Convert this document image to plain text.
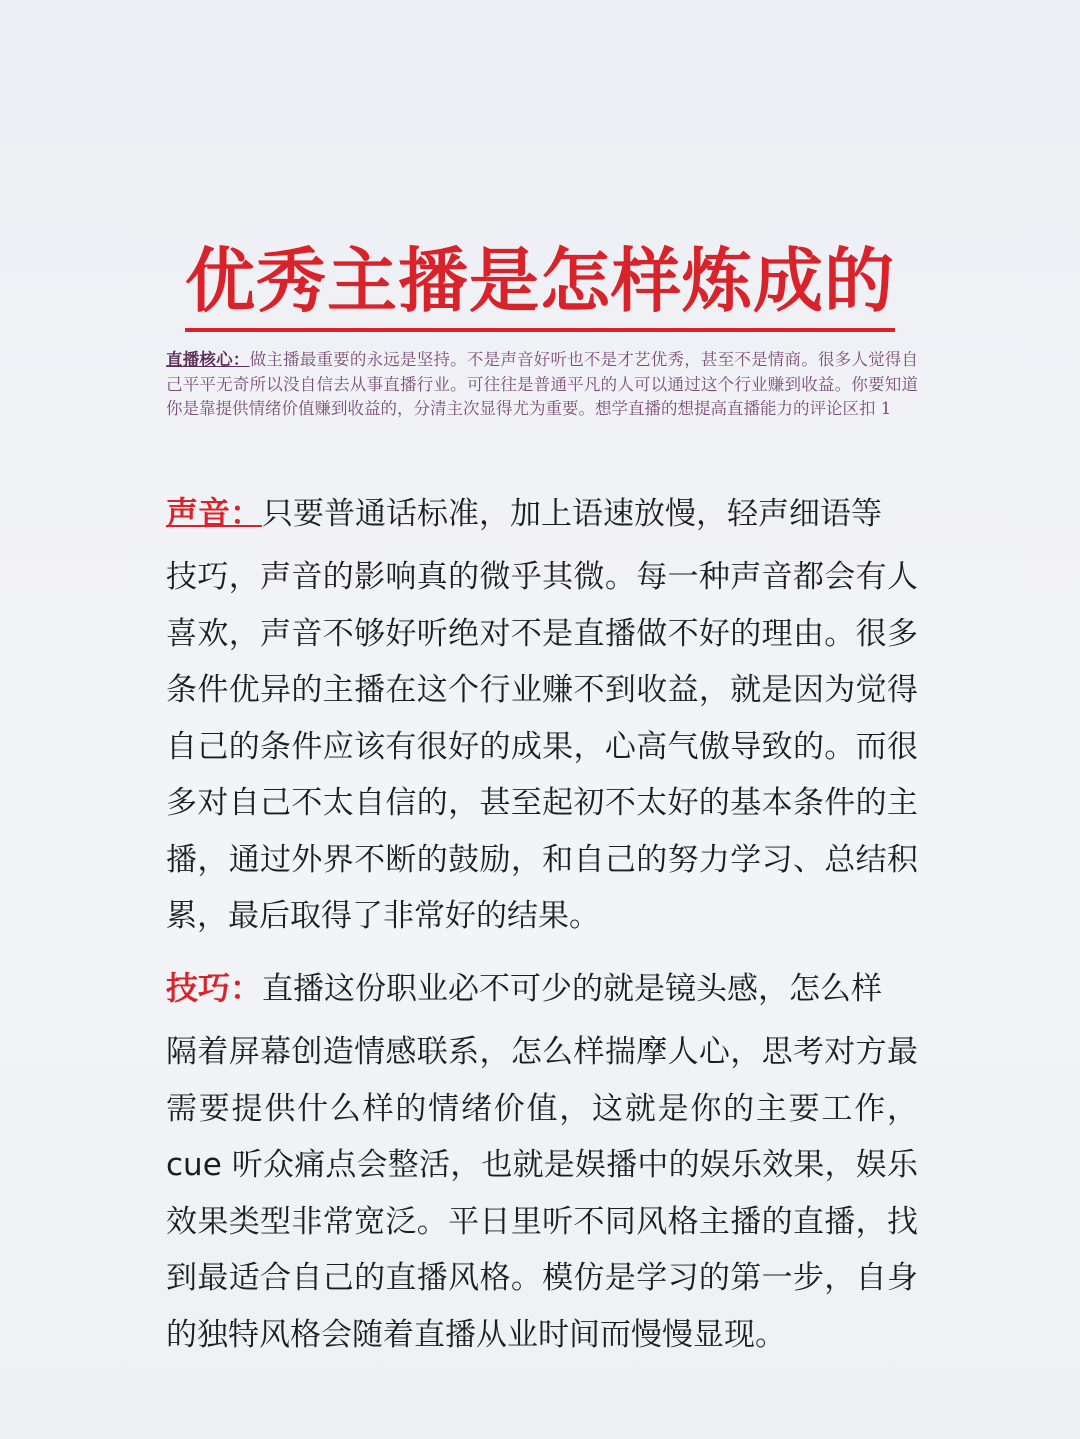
优秀主播是怎样炼成的
直播核心：做主播最重要的永远是坚持。不是声音好听也不是才艺优秀，甚至不是情商。很多人觉得自己平平无奇所以没自信去从事直播行业。可往往是普通平凡的人可以通过这个行业赚到收益。你要知道你是靠提供情绪价值赚到收益的，分清主次显得尤为重要。想学直播的想提高直播能力的评论区扣 1

声音：只要普通话标准，加上语速放慢，轻声细语等

技巧，声音的影响真的微乎其微。每一种声音都会有人喜欢，声音不够好听绝对不是直播做不好的理由。很多条件优异的主播在这个行业赚不到收益，就是因为觉得自己的条件应该有很好的成果，心高气傲导致的。而很多对自己不太自信的，甚至起初不太好的基本条件的主播，通过外界不断的鼓励，和自己的努力学习、总结积累，最后取得了非常好的结果。

技巧：直播这份职业必不可少的就是镜头感，怎么样

隔着屏幕创造情感联系，怎么样揣摩人心，思考对方最需要提供什么样的情绪价值，这就是你的主要工作，cue 听众痛点会整活，也就是娱播中的娱乐效果，娱乐效果类型非常宽泛。平日里听不同风格主播的直播，找到最适合自己的直播风格。模仿是学习的第一步，自身的独特风格会随着直播从业时间而慢慢显现。
